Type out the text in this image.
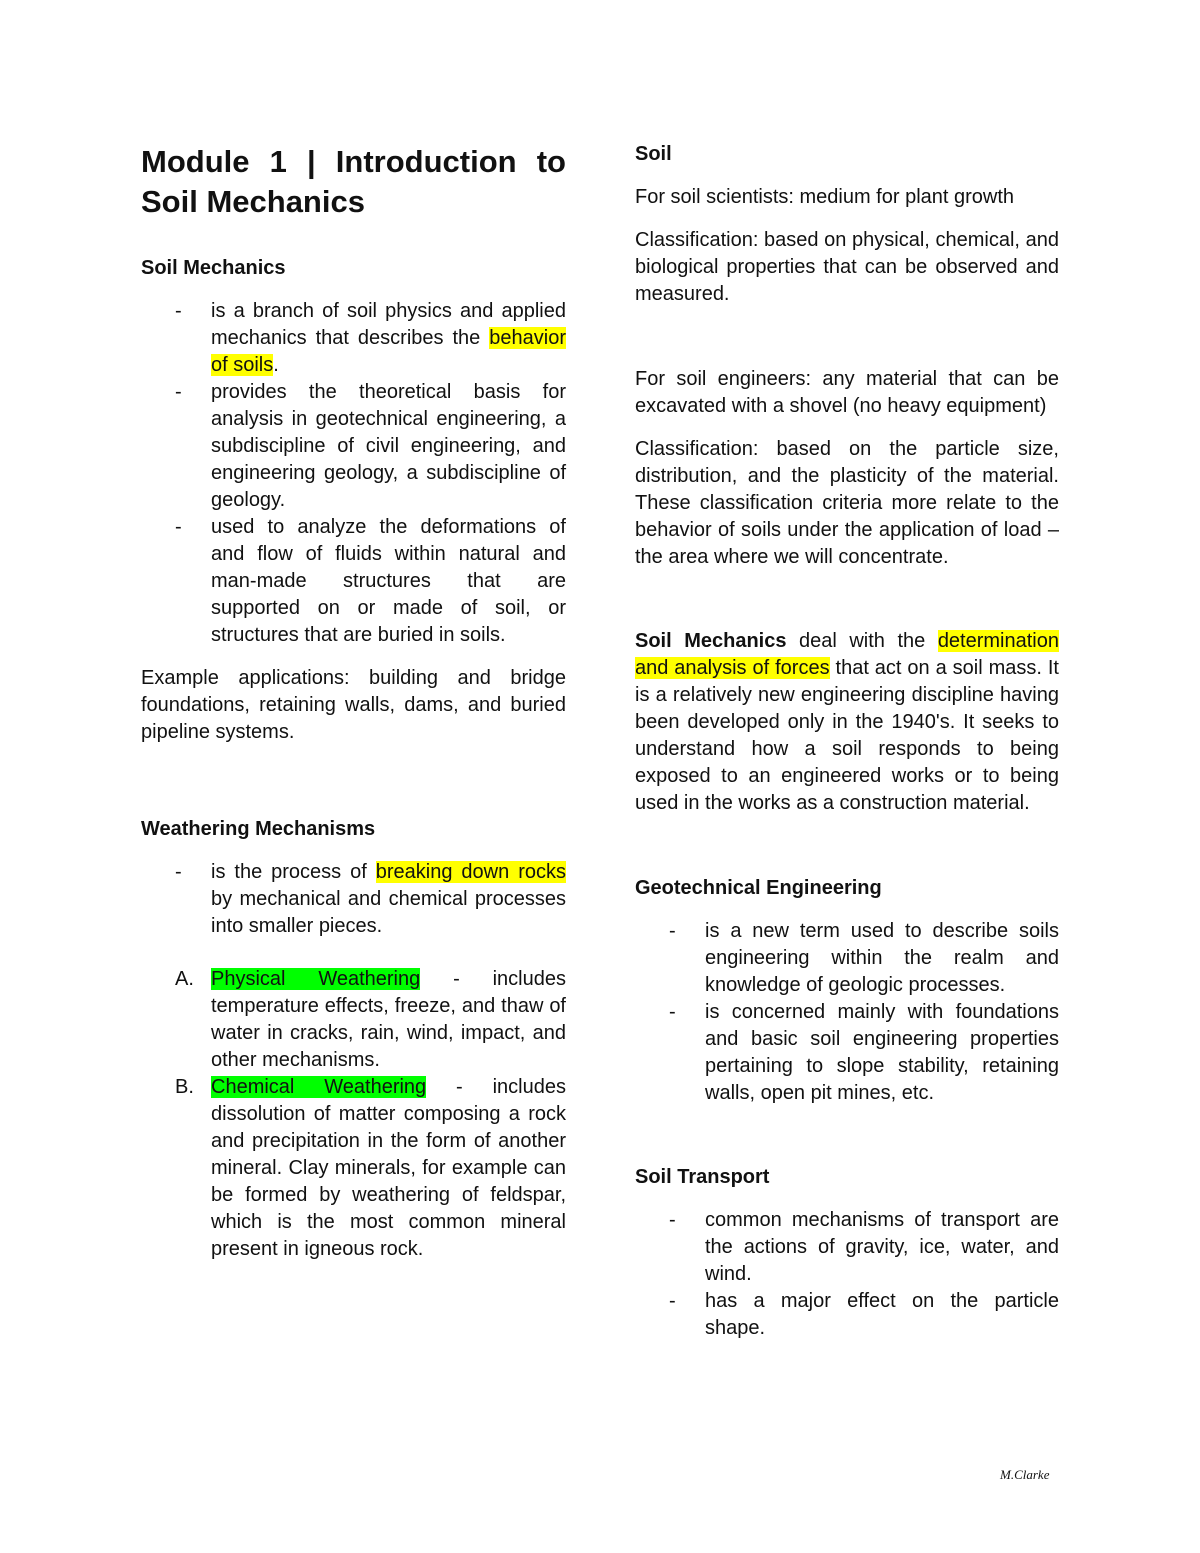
Module 1 | Introduction to Soil Mechanics

Soil Mechanics

- is a branch of soil physics and applied mechanics that describes the behavior of soils.
- provides the theoretical basis for analysis in geotechnical engineering, a subdiscipline of civil engineering, and engineering geology, a subdiscipline of geology.
- used to analyze the deformations of and flow of fluids within natural and man-made structures that are supported on or made of soil, or structures that are buried in soils.

Example applications: building and bridge foundations, retaining walls, dams, and buried pipeline systems.

Weathering Mechanisms

- is the process of breaking down rocks by mechanical and chemical processes into smaller pieces.
A. Physical Weathering - includes temperature effects, freeze, and thaw of water in cracks, rain, wind, impact, and other mechanisms.
B. Chemical Weathering - includes dissolution of matter composing a rock and precipitation in the form of another mineral. Clay minerals, for example can be formed by weathering of feldspar, which is the most common mineral present in igneous rock.

Soil

For soil scientists: medium for plant growth

Classification: based on physical, chemical, and biological properties that can be observed and measured.

For soil engineers: any material that can be excavated with a shovel (no heavy equipment)

Classification: based on the particle size, distribution, and the plasticity of the material. These classification criteria more relate to the behavior of soils under the application of load – the area where we will concentrate.

Soil Mechanics deal with the determination and analysis of forces that act on a soil mass. It is a relatively new engineering discipline having been developed only in the 1940's. It seeks to understand how a soil responds to being exposed to an engineered works or to being used in the works as a construction material.

Geotechnical Engineering

- is a new term used to describe soils engineering within the realm and knowledge of geologic processes.
- is concerned mainly with foundations and basic soil engineering properties pertaining to slope stability, retaining walls, open pit mines, etc.

Soil Transport

- common mechanisms of transport are the actions of gravity, ice, water, and wind.
- has a major effect on the particle shape.
M.Clarke
